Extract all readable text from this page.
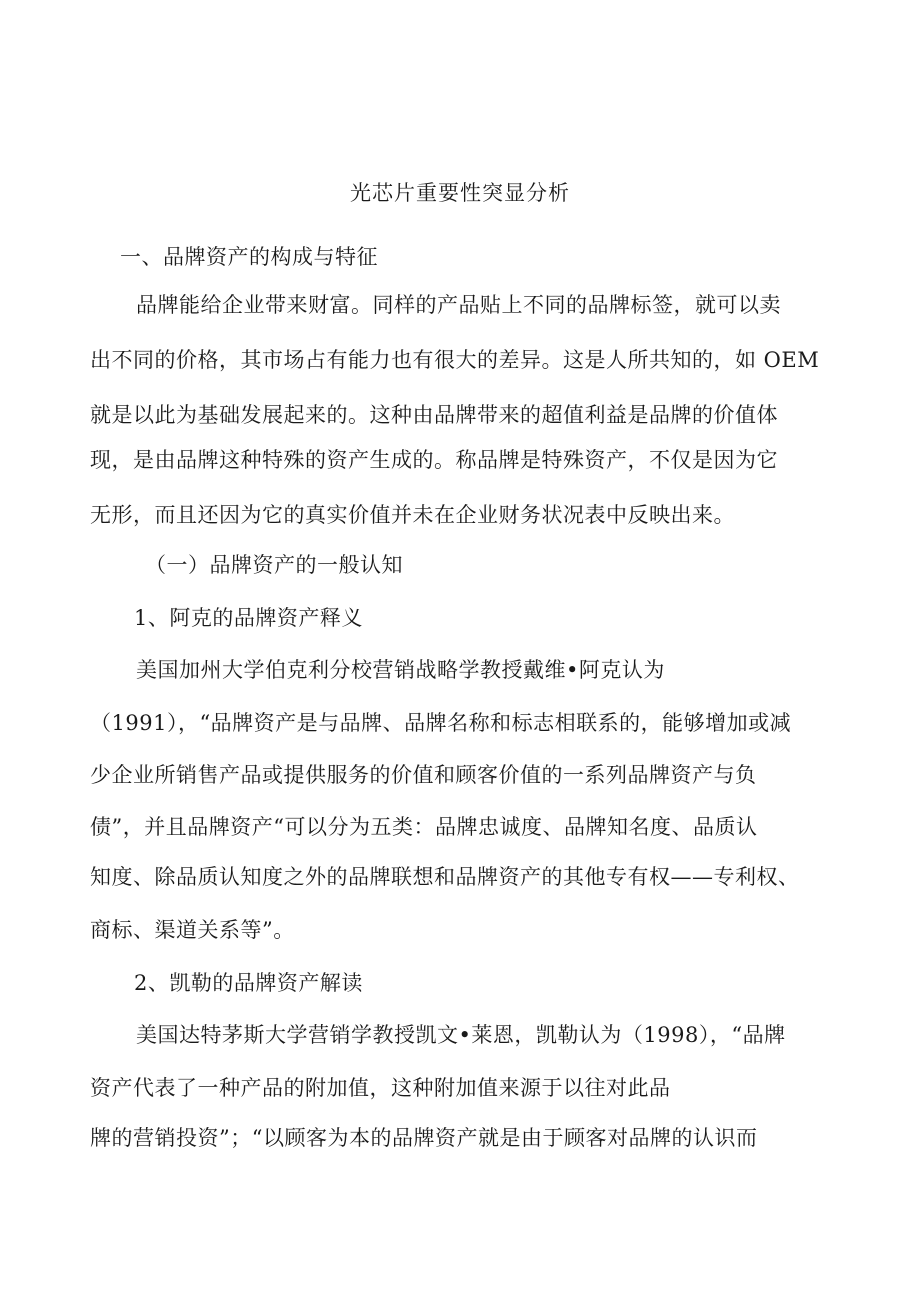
光芯片重要性突显分析
一、品牌资产的构成与特征
品牌能给企业带来财富。同样的产品贴上不同的品牌标签，就可以卖
出不同的价格，其市场占有能力也有很大的差异。这是人所共知的，如 OEM
就是以此为基础发展起来的。这种由品牌带来的超值利益是品牌的价值体
现，是由品牌这种特殊的资产生成的。称品牌是特殊资产，不仅是因为它
无形，而且还因为它的真实价值并未在企业财务状况表中反映出来。
（一）品牌资产的一般认知
1、阿克的品牌资产释义
美国加州大学伯克利分校营销战略学教授戴维•阿克认为
（1991），“品牌资产是与品牌、品牌名称和标志相联系的，能够增加或减
少企业所销售产品或提供服务的价值和顾客价值的一系列品牌资产与负
债”，并且品牌资产“可以分为五类：品牌忠诚度、品牌知名度、品质认
知度、除品质认知度之外的品牌联想和品牌资产的其他专有权——专利权、
商标、渠道关系等”。
2、凯勒的品牌资产解读
美国达特茅斯大学营销学教授凯文•莱恩，凯勒认为（1998），“品牌
资产代表了一种产品的附加值，这种附加值来源于以往对此品
牌的营销投资”；“以顾客为本的品牌资产就是由于顾客对品牌的认识而
